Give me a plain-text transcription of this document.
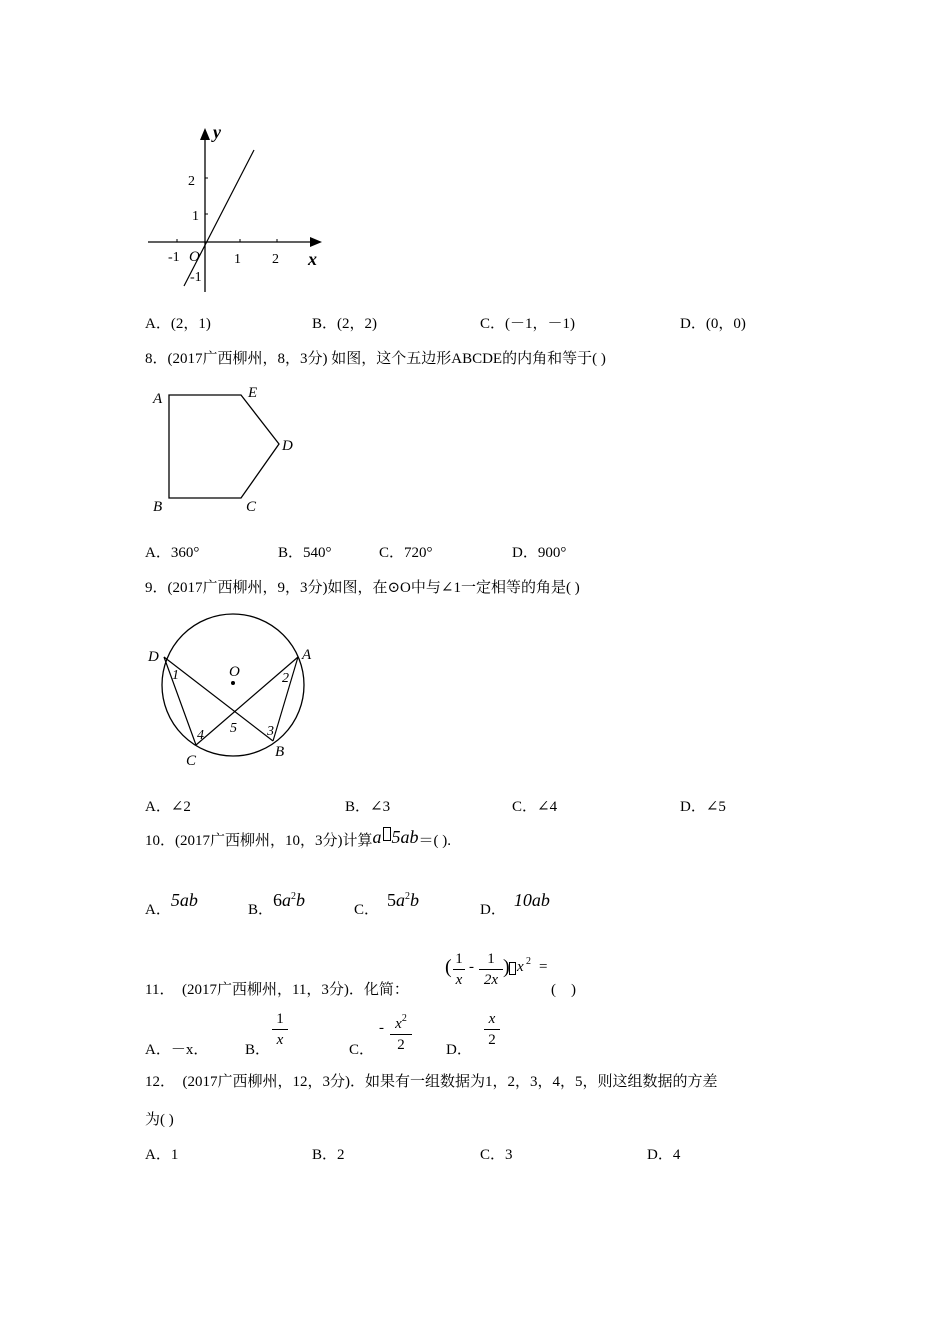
y
x
O
-1	1 2
2
1
-1
A．(2，1)	B．(2，2)	C．(－1，－1)	D．(0，0)
8．(2017广西柳州，8，3分) 如图，这个五边形ABCDE的内角和等于( )
A	E
D
C
B
A．360°	B．540°	C．720°	D．900°
9．(2017广西柳州，9，3分)如图，在⊙O中与∠1一定相等的角是( )
D	A
C
B
O
1	2
3
4 5
A．∠2	B．∠3	C．∠4	D．∠5
10．(2017广西柳州，10，3分)计算a 5ab＝( ).
A．5ab	B．$6a^2b$	C． $5a^2b$	D． 10ab
11．　(2017广西柳州，11，3分)．化简：
( 1
x
- 1
2x
) x 2 =
(　)
A．－x． B．
1
x
C．
- $x^2$
2	D．
x
2
12．　(2017广西柳州，12，3分)．如果有一组数据为1，2，3，4，5，则这组数据的方差
为( )
A．1	B．2	C．3	D．4
